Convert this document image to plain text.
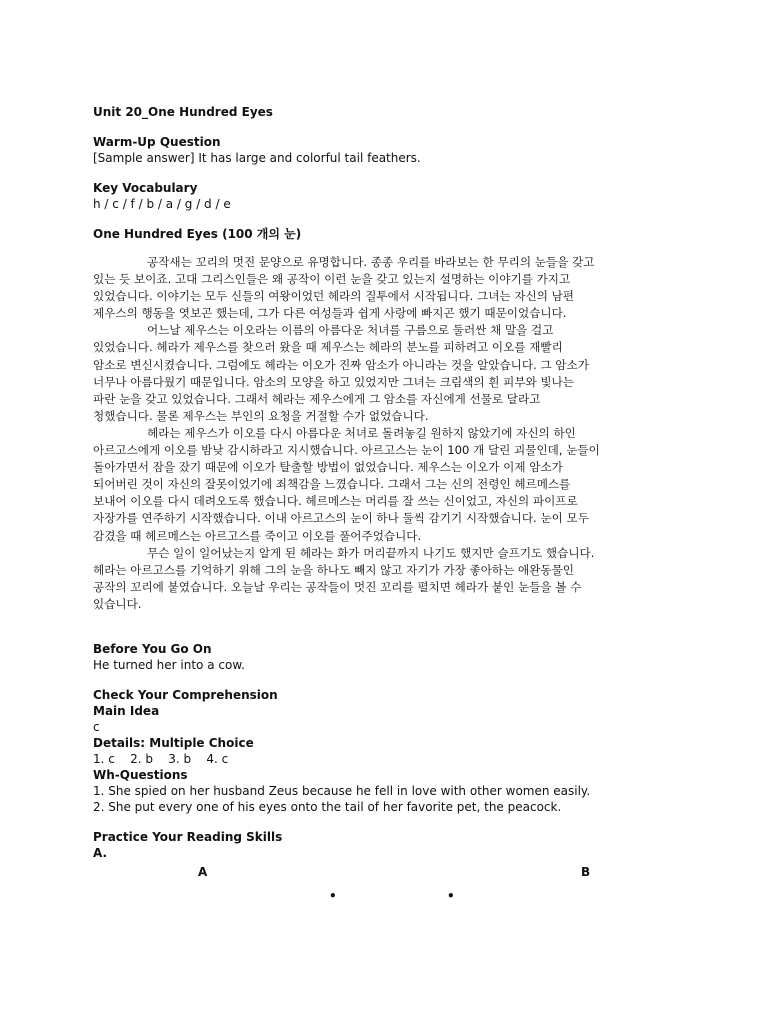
Unit 20_One Hundred Eyes

Warm-Up Question

[Sample answer] It has large and colorful tail feathers.

Key Vocabulary

h / c / f / b / a / g / d / e

One Hundred Eyes (100 개의 눈)

공작새는 꼬리의 멋진 문양으로 유명합니다. 종종 우리를 바라보는 한 무리의 눈들을 갖고

있는 듯 보이죠. 고대 그리스인들은 왜 공작이 이런 눈을 갖고 있는지 설명하는 이야기를 가지고

있었습니다. 이야기는 모두 신들의 여왕이었던 헤라의 질투에서 시작됩니다. 그녀는 자신의 남편

제우스의 행동을 엿보곤 했는데, 그가 다른 여성들과 쉽게 사랑에 빠지곤 했기 때문이었습니다.

어느날 제우스는 이오라는 이름의 아름다운 처녀를 구름으로 둘러싼 채 말을 걸고

있었습니다. 헤라가 제우스를 찾으러 왔을 때 제우스는 헤라의 분노를 피하려고 이오를 재빨리

암소로 변신시켰습니다. 그럼에도 헤라는 이오가 진짜 암소가 아니라는 것을 알았습니다. 그 암소가

너무나 아름다웠기 때문입니다. 암소의 모양을 하고 있었지만 그녀는 크림색의 흰 피부와 빛나는

파란 눈을 갖고 있었습니다. 그래서 헤라는 제우스에게 그 암소를 자신에게 선물로 달라고

청했습니다. 물론 제우스는 부인의 요청을 거절할 수가 없었습니다.

헤라는 제우스가 이오를 다시 아름다운 처녀로 돌려놓길 원하지 않았기에 자신의 하인

아르고스에게 이오를 밤낮 감시하라고 지시했습니다. 아르고스는 눈이 100 개 달린 괴물인데, 눈들이

돌아가면서 잠을 잤기 때문에 이오가 탈출할 방법이 없었습니다. 제우스는 이오가 이제 암소가

되어버린 것이 자신의 잘못이었기에 죄책감을 느꼈습니다. 그래서 그는 신의 전령인 헤르메스를

보내어 이오를 다시 데려오도록 했습니다. 헤르메스는 머리를 잘 쓰는 신이었고, 자신의 파이프로

자장가를 연주하기 시작했습니다. 이내 아르고스의 눈이 하나 둘씩 감기기 시작했습니다. 눈이 모두

감겼을 때 헤르메스는 아르고스를 죽이고 이오를 풀어주었습니다.

무슨 일이 일어났는지 알게 된 헤라는 화가 머리끝까지 나기도 했지만 슬프기도 했습니다.

헤라는 아르고스를 기억하기 위해 그의 눈을 하나도 빼지 않고 자기가 가장 좋아하는 애완동물인

공작의 꼬리에 붙였습니다. 오늘날 우리는 공작들이 멋진 꼬리를 펼치면 헤라가 붙인 눈들을 볼 수

있습니다.

Before You Go On

He turned her into a cow.

Check Your Comprehension

Main Idea

c

Details: Multiple Choice

1. c    2. b    3. b    4. c

Wh-Questions

1. She spied on her husband Zeus because he fell in love with other women easily.

2. She put every one of his eyes onto the tail of her favorite pet, the peacock.

Practice Your Reading Skills

A.

A	B
•	•
